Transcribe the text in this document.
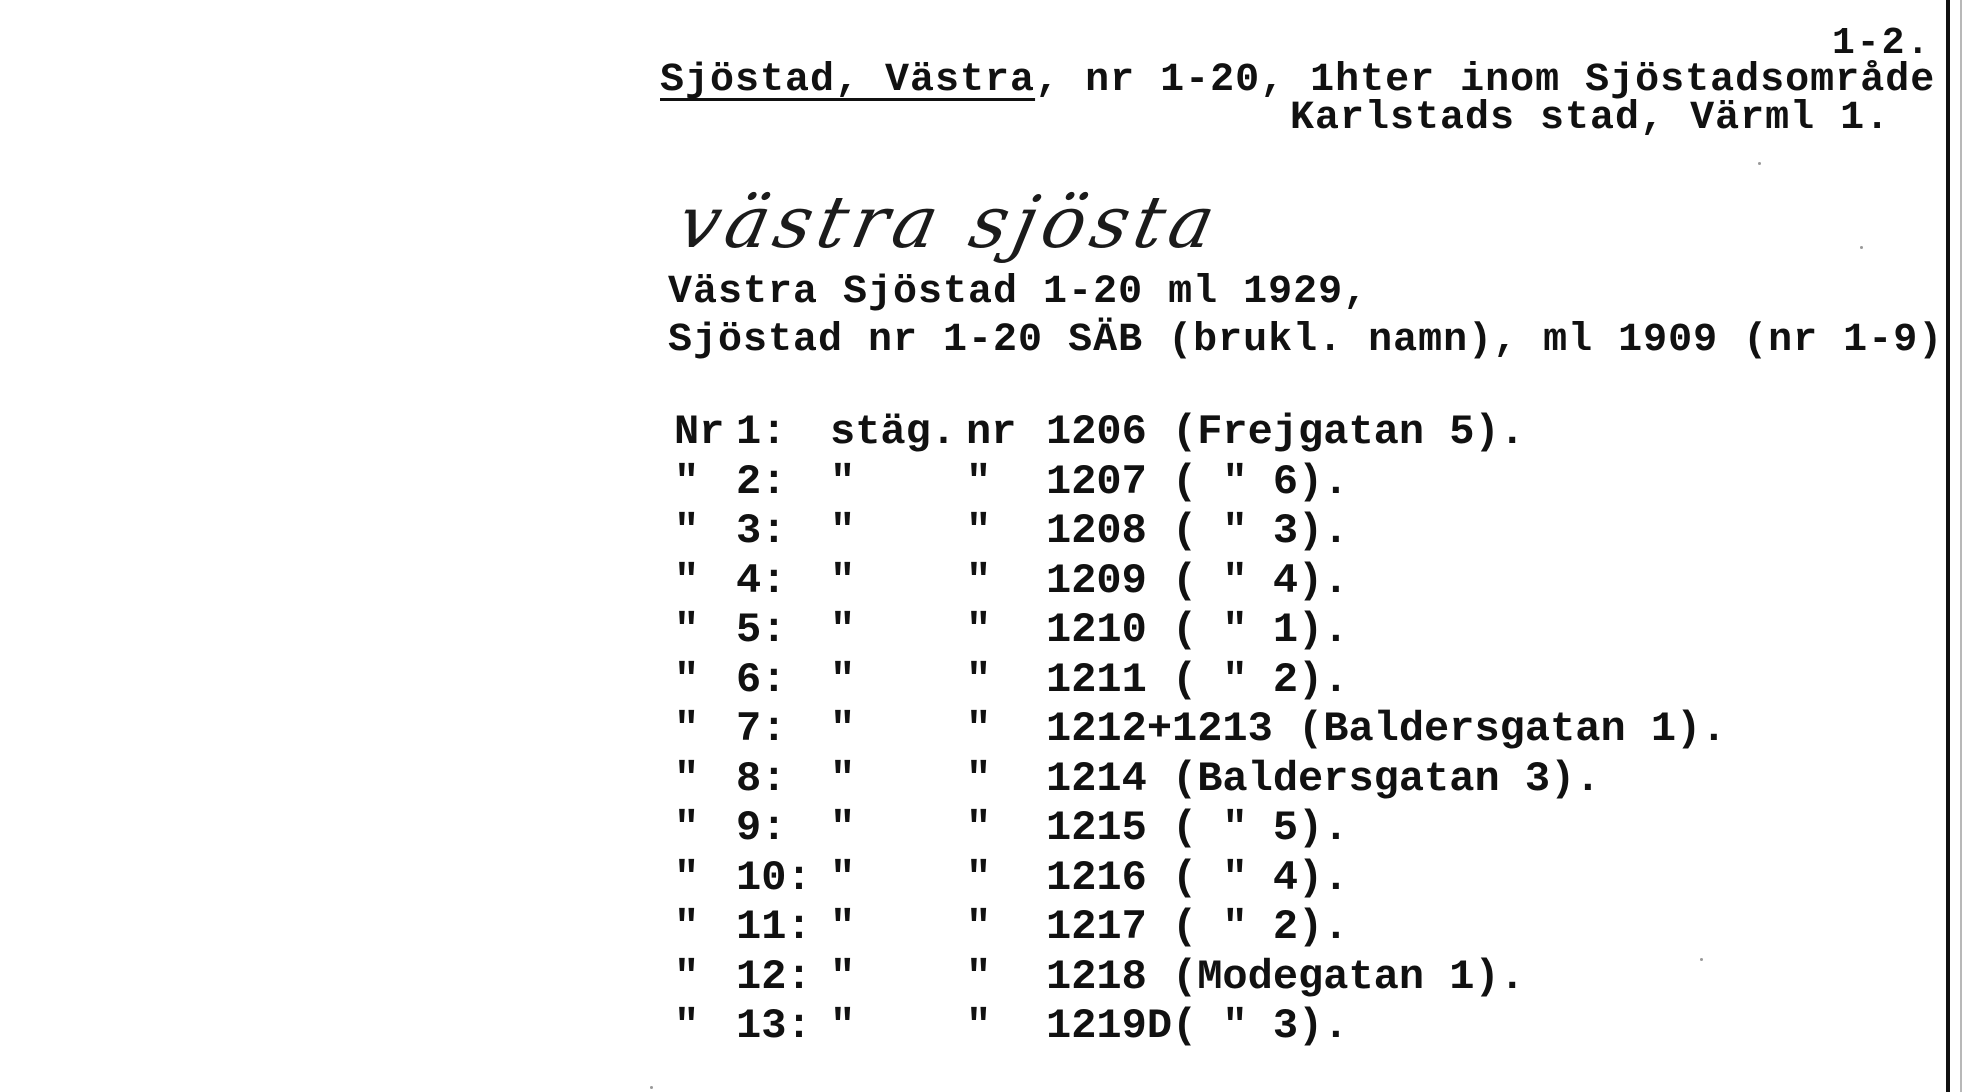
1-2.
Sjöstad, Västra, nr 1-20, 1hter inom Sjöstadsområde
Karlstads stad, Värml 1.
västra sjösta
Västra Sjöstad 1-20 ml 1929,
Sjöstad nr 1-20 SÄB (brukl. namn), ml 1909 (nr 1-9)
Nr 1: stäg. nr 1206 (Frejgatan 5).
" 2: "	" 1207 ( " 6).
" 3: "	" 1208 ( " 3).
" 4: "	" 1209 ( " 4).
" 5: "	" 1210 ( " 1).
" 6: "	" 1211 ( " 2).
" 7: "	" 1212+1213 (Baldersgatan 1).
" 8: "	" 1214 (Baldersgatan 3).
" 9: "	" 1215 ( " 5).
" 10: "	" 1216 ( " 4).
" 11: "	" 1217 ( " 2).
" 12: "	" 1218 (Modegatan 1).
" 13: "	" 1219D( " 3).
